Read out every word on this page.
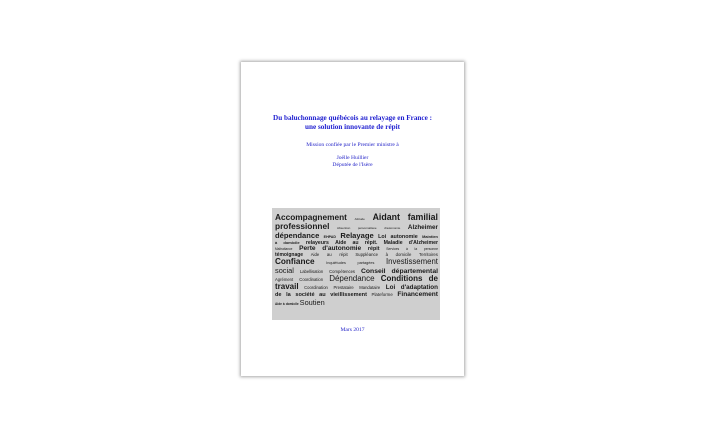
Du baluchonnage québécois au relayage en France :
une solution innovante de répit
Mission confiée par le Premier ministre à
Joëlle Huillier
Députée de l'Isère
Accompagnement	Attitude Aidant familial
professionnel	Absention	personnalisée	d'autonomie Alzheimer
dépendance EHPAD Relayage Loi autonomie Maintien
à domicile relayeurs Aide au répit. Maladie d'Alzheimer
Maltraitance Perte d'autonomie répit Services à la personne
témoignage Aide au répit Suppléance à domicile Territoires
Confiance	Inquiétudes	partagées Investissement
social Labellisation Compétences Conseil départemental
Agrément Coordination Dépendance Conditions de
travail Coordination Prestataire Mandataire Loi d'adaptation
de la société au vieillissement Plateforme Financement
Aide à domicile Soutien
Mars 2017
